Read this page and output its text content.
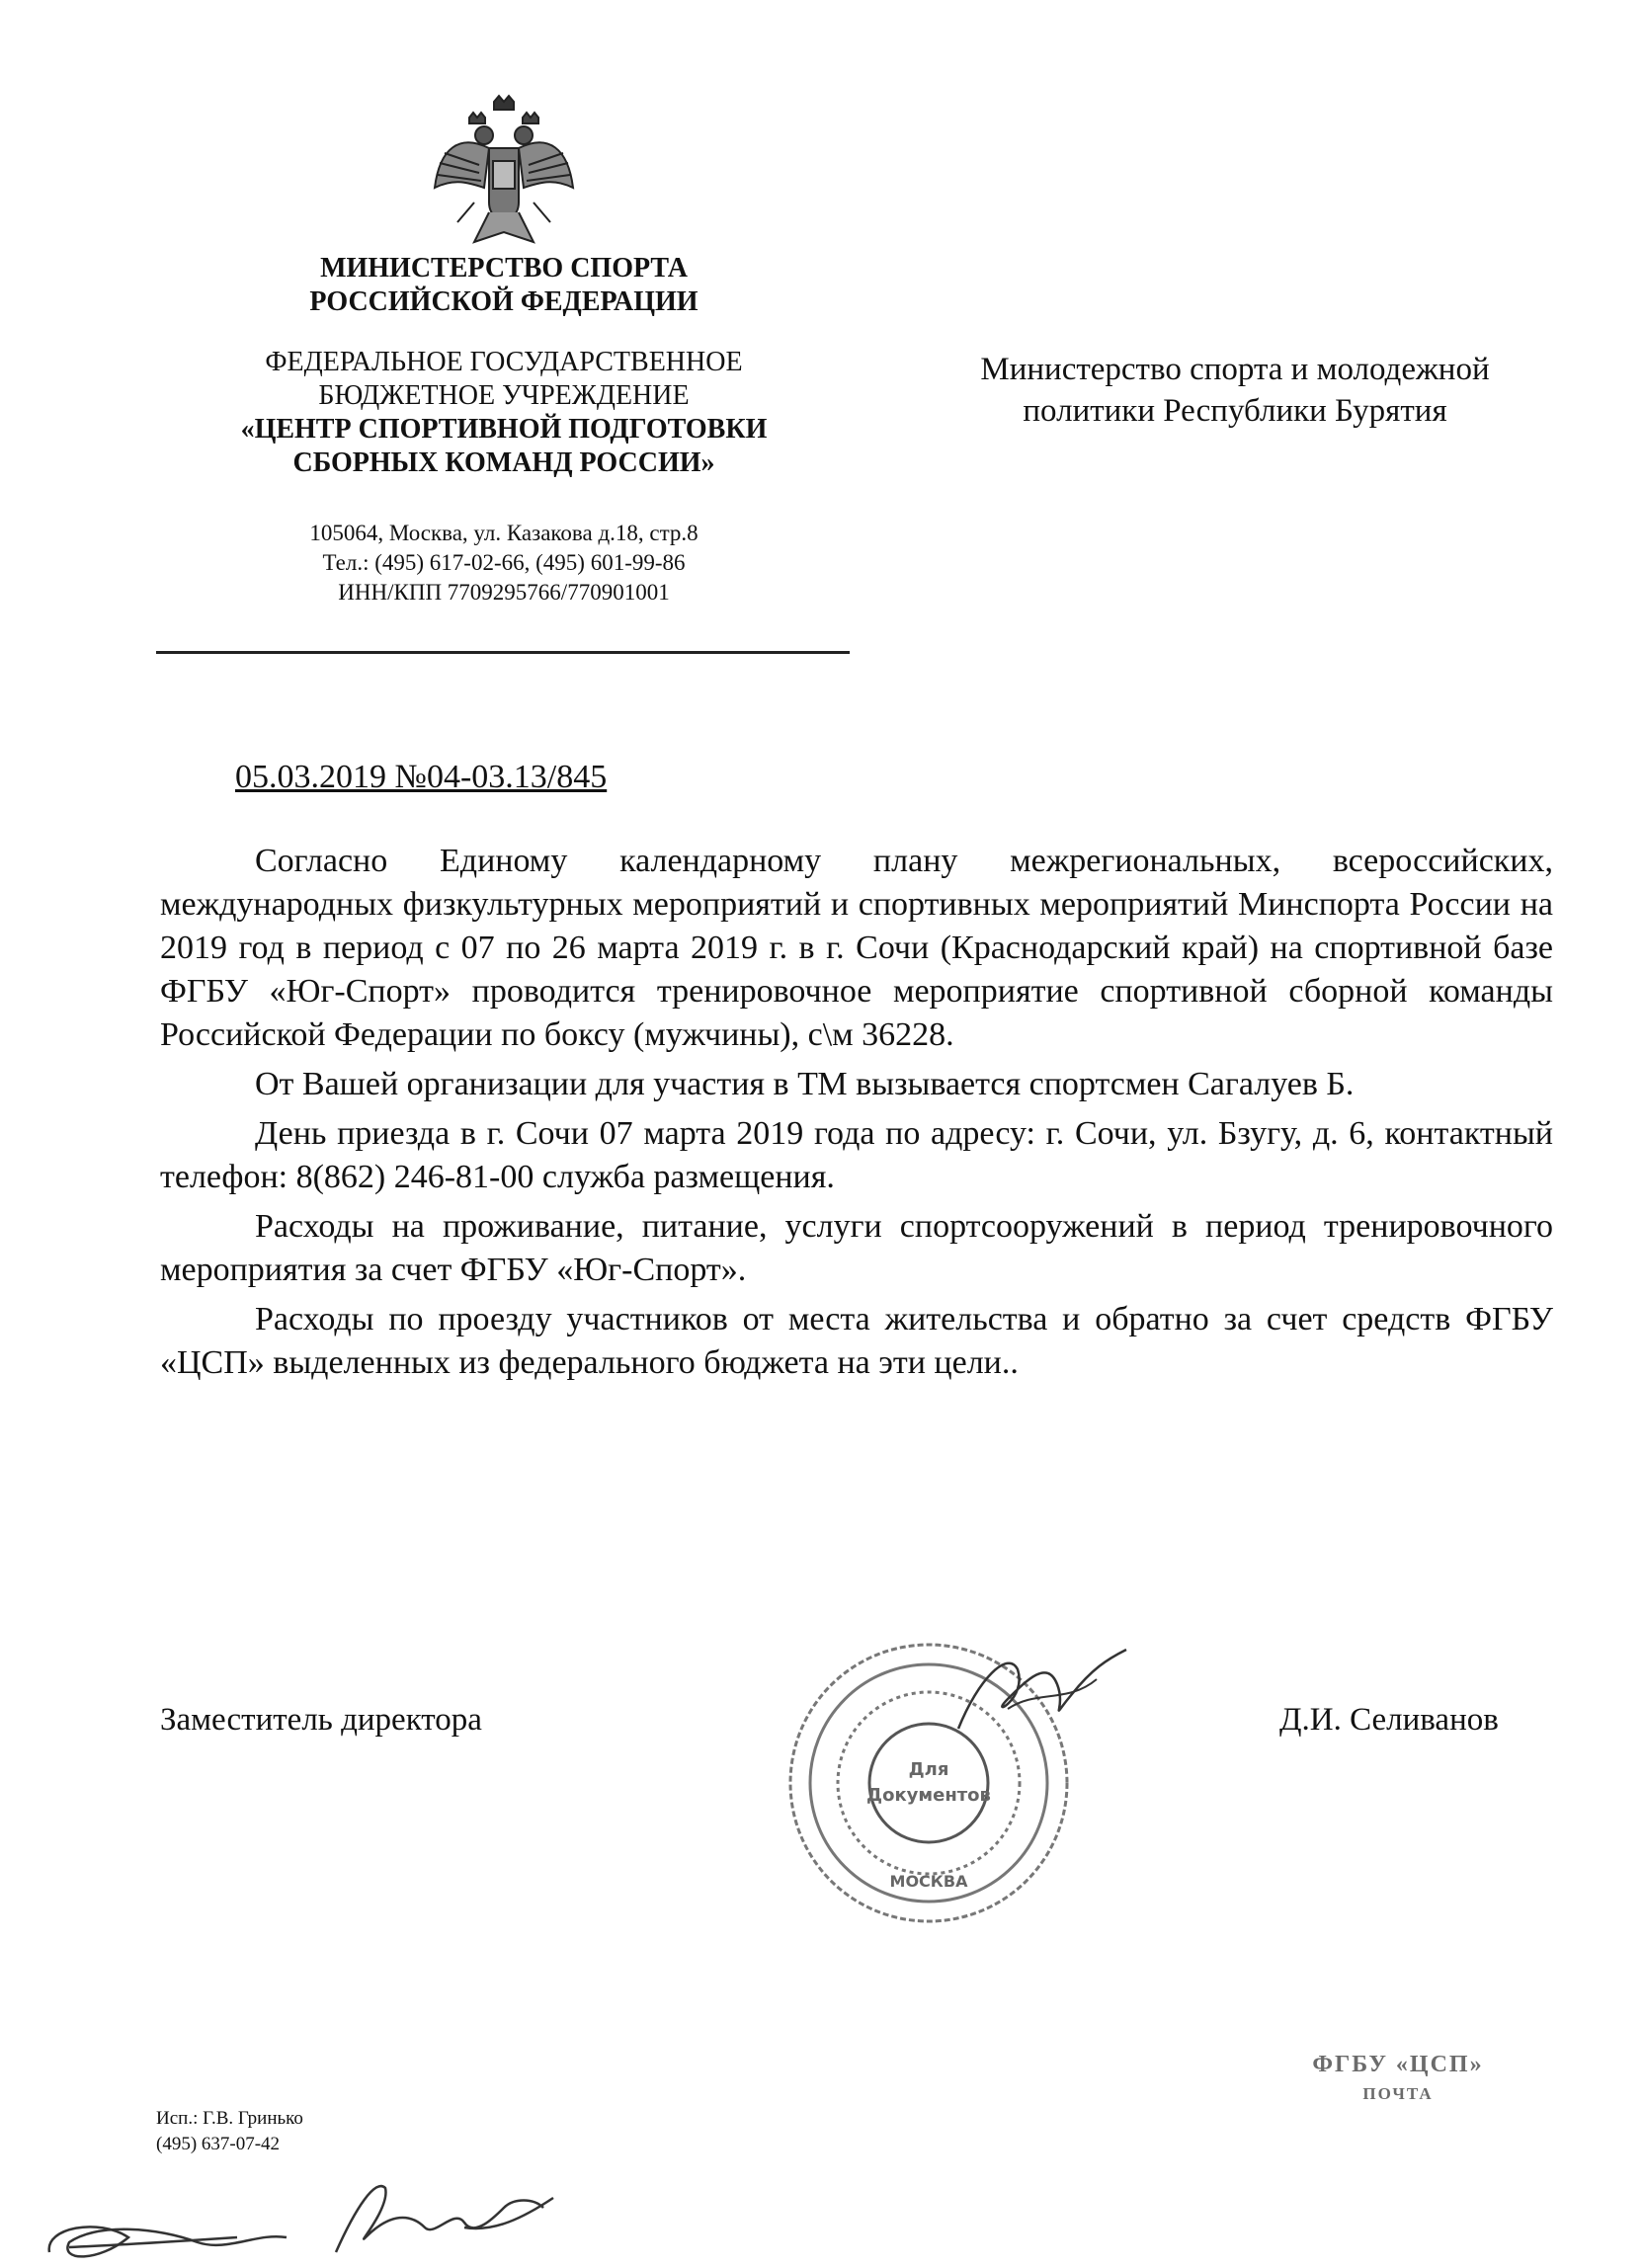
МИНИСТЕРСТВО СПОРТА
РОССИЙСКОЙ ФЕДЕРАЦИИ
ФЕДЕРАЛЬНОЕ ГОСУДАРСТВЕННОЕ
БЮДЖЕТНОЕ УЧРЕЖДЕНИЕ
«ЦЕНТР СПОРТИВНОЙ ПОДГОТОВКИ
СБОРНЫХ КОМАНД РОССИИ»
105064, Москва, ул. Казакова д.18, стр.8
Тел.: (495) 617-02-66, (495) 601-99-86
ИНН/КПП 7709295766/770901001
Министерство спорта и молодежной
политики Республики Бурятия
05.03.2019 №04-03.13/845

Согласно Единому календарному плану межрегиональных, всероссийских, международных физкультурных мероприятий и спортивных мероприятий Минспорта России на 2019 год в период с 07 по 26 марта 2019 г. в г. Сочи (Краснодарский край) на спортивной базе ФГБУ «Юг-Спорт» проводится тренировочное мероприятие спортивной сборной команды Российской Федерации по боксу (мужчины), с\м 36228.

От Вашей организации для участия в ТМ вызывается спортсмен Сагалуев Б.

День приезда в г. Сочи 07 марта 2019 года по адресу: г. Сочи, ул. Бзугу, д. 6, контактный телефон: 8(862) 246-81-00 служба размещения.

Расходы на проживание, питание, услуги спортсооружений в период тренировочного мероприятия за счет ФГБУ «Юг-Спорт».

Расходы по проезду участников от места жительства и обратно за счет средств ФГБУ «ЦСП» выделенных из федерального бюджета на эти цели..

Заместитель директора	Д.И. Селиванов
Для
Документов
МОСКВА
ФГБУ «ЦСП»
ПОЧТА
Исп.: Г.В. Гринько
(495) 637-07-42
